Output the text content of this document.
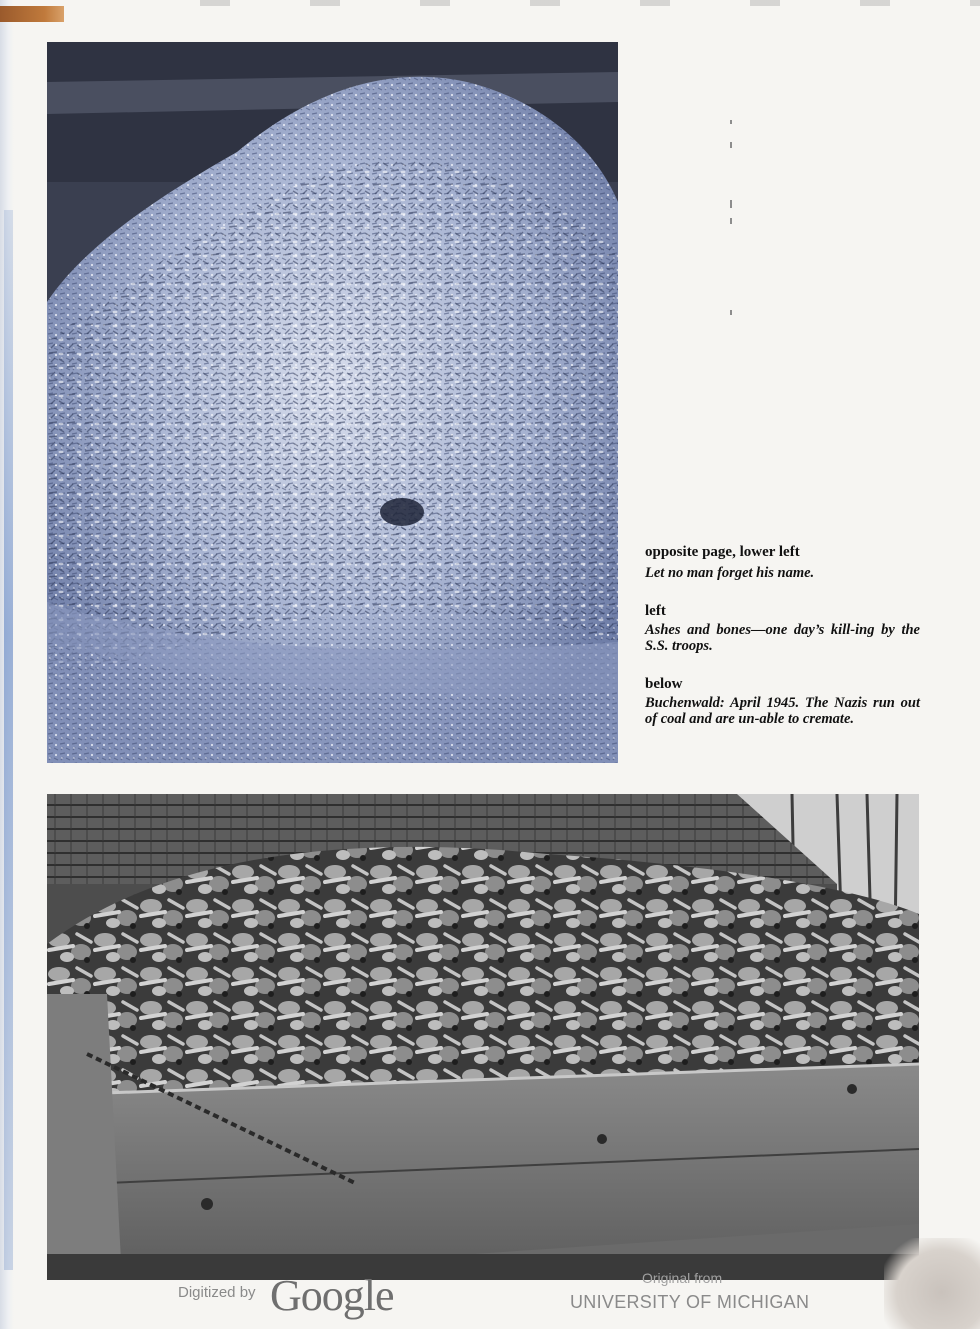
opposite page, lower left
Let no man forget his name.
left
Ashes and bones—one day’s kill-ing by the S.S. troops.
below
Buchenwald: April 1945. The Nazis run out of coal and are un-able to cremate.
Digitized by Google	Original from
UNIVERSITY OF MICHIGAN
